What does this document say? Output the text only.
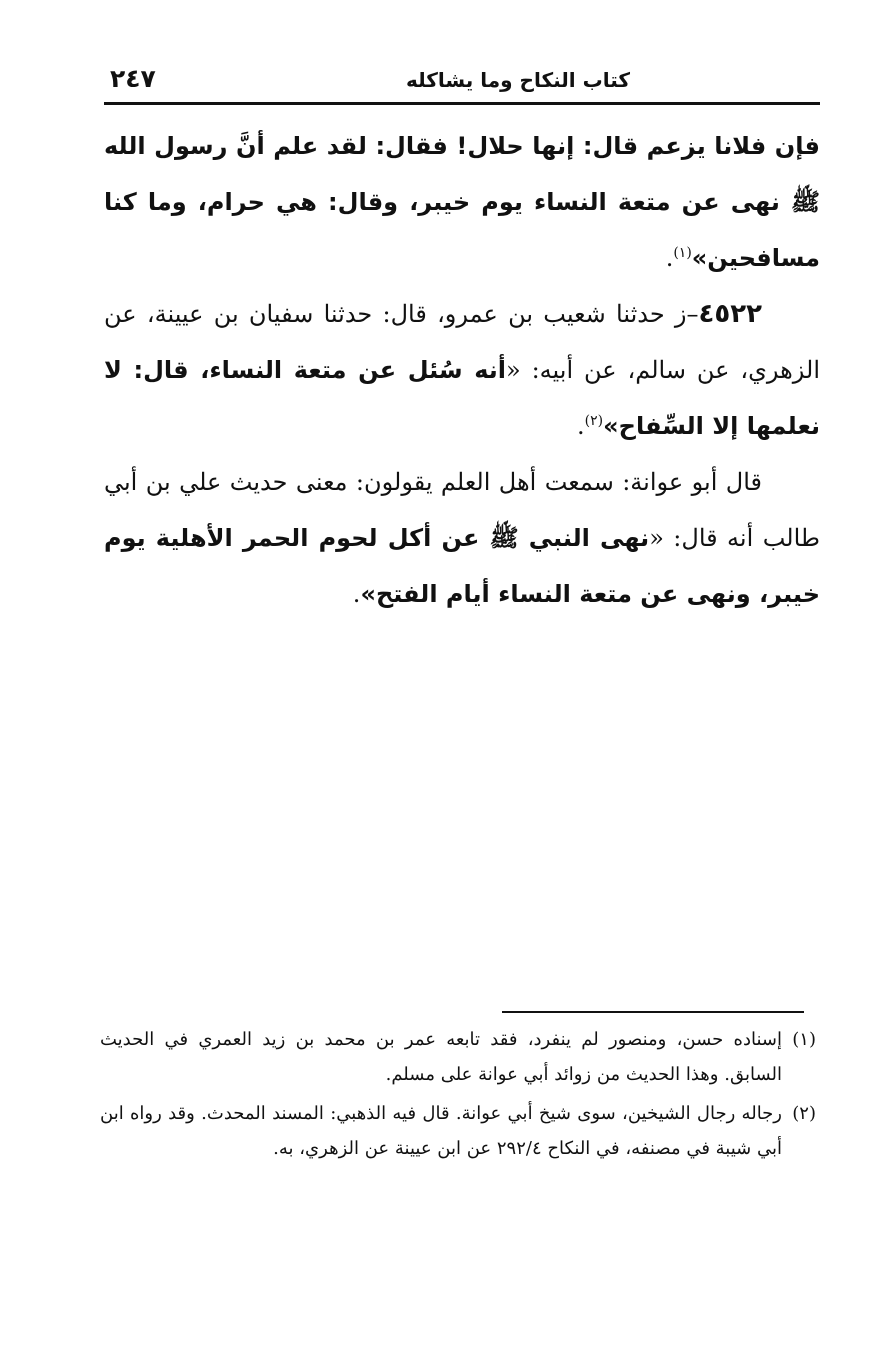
كتاب النكاح وما يشاكله
٢٤٧

فإن فلانا يزعم قال: إنها حلال! فقال: لقد علم أنَّ رسول الله ﷺ نهى عن متعة النساء يوم خيبر، وقال: هي حرام، وما كنا مسافحين»$^{(١)}$.

٤٥٢٢–ز حدثنا شعيب بن عمرو، قال: حدثنا سفيان بن عيينة، عن الزهري، عن سالم، عن أبيه: «أنه سُئل عن متعة النساء، قال: لا نعلمها إلا السِّفاح»$^{(٢)}$.

قال أبو عوانة: سمعت أهل العلم يقولون: معنى حديث علي بن أبي طالب أنه قال: «نهى النبي ﷺ عن أكل لحوم الحمر الأهلية يوم خيبر، ونهى عن متعة النساء أيام الفتح».

(١)
إسناده حسن، ومنصور لم ينفرد، فقد تابعه عمر بن محمد بن زيد العمري في الحديث السابق. وهذا الحديث من زوائد أبي عوانة على مسلم.

(٢)
رجاله رجال الشيخين، سوى شيخ أبي عوانة. قال فيه الذهبي: المسند المحدث. وقد رواه ابن أبي شيبة في مصنفه، في النكاح ٢٩٢/٤ عن ابن عيينة عن الزهري، به.
